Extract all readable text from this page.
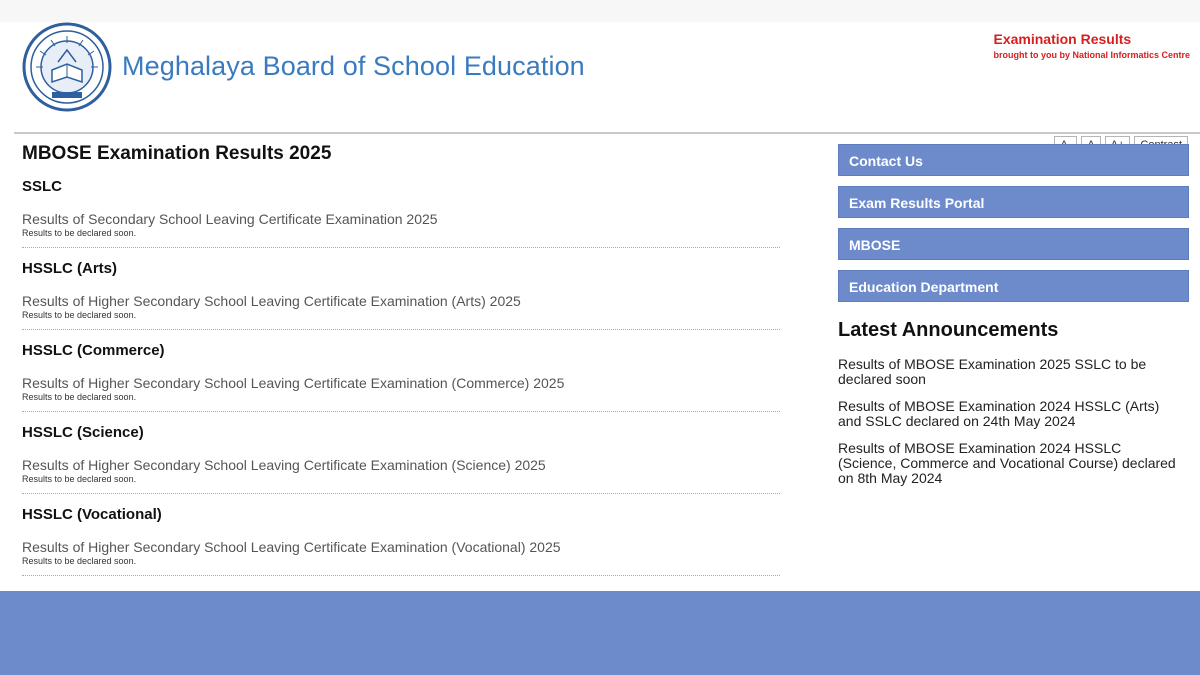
Meghalaya Board of School Education
Examination Results
brought to you by National Informatics Centre
MBOSE Examination Results 2025
SSLC
Results of Secondary School Leaving Certificate Examination 2025
Results to be declared soon.
HSSLC (Arts)
Results of Higher Secondary School Leaving Certificate Examination (Arts) 2025
Results to be declared soon.
HSSLC (Commerce)
Results of Higher Secondary School Leaving Certificate Examination (Commerce) 2025
Results to be declared soon.
HSSLC (Science)
Results of Higher Secondary School Leaving Certificate Examination (Science) 2025
Results to be declared soon.
HSSLC (Vocational)
Results of Higher Secondary School Leaving Certificate Examination (Vocational) 2025
Results to be declared soon.
Contact Us
Exam Results Portal
MBOSE
Education Department
Latest Announcements
Results of MBOSE Examination 2025 SSLC to be declared soon
Results of MBOSE Examination 2024 HSSLC (Arts) and SSLC declared on 24th May 2024
Results of MBOSE Examination 2024 HSSLC (Science, Commerce and Vocational Course) declared on 8th May 2024
